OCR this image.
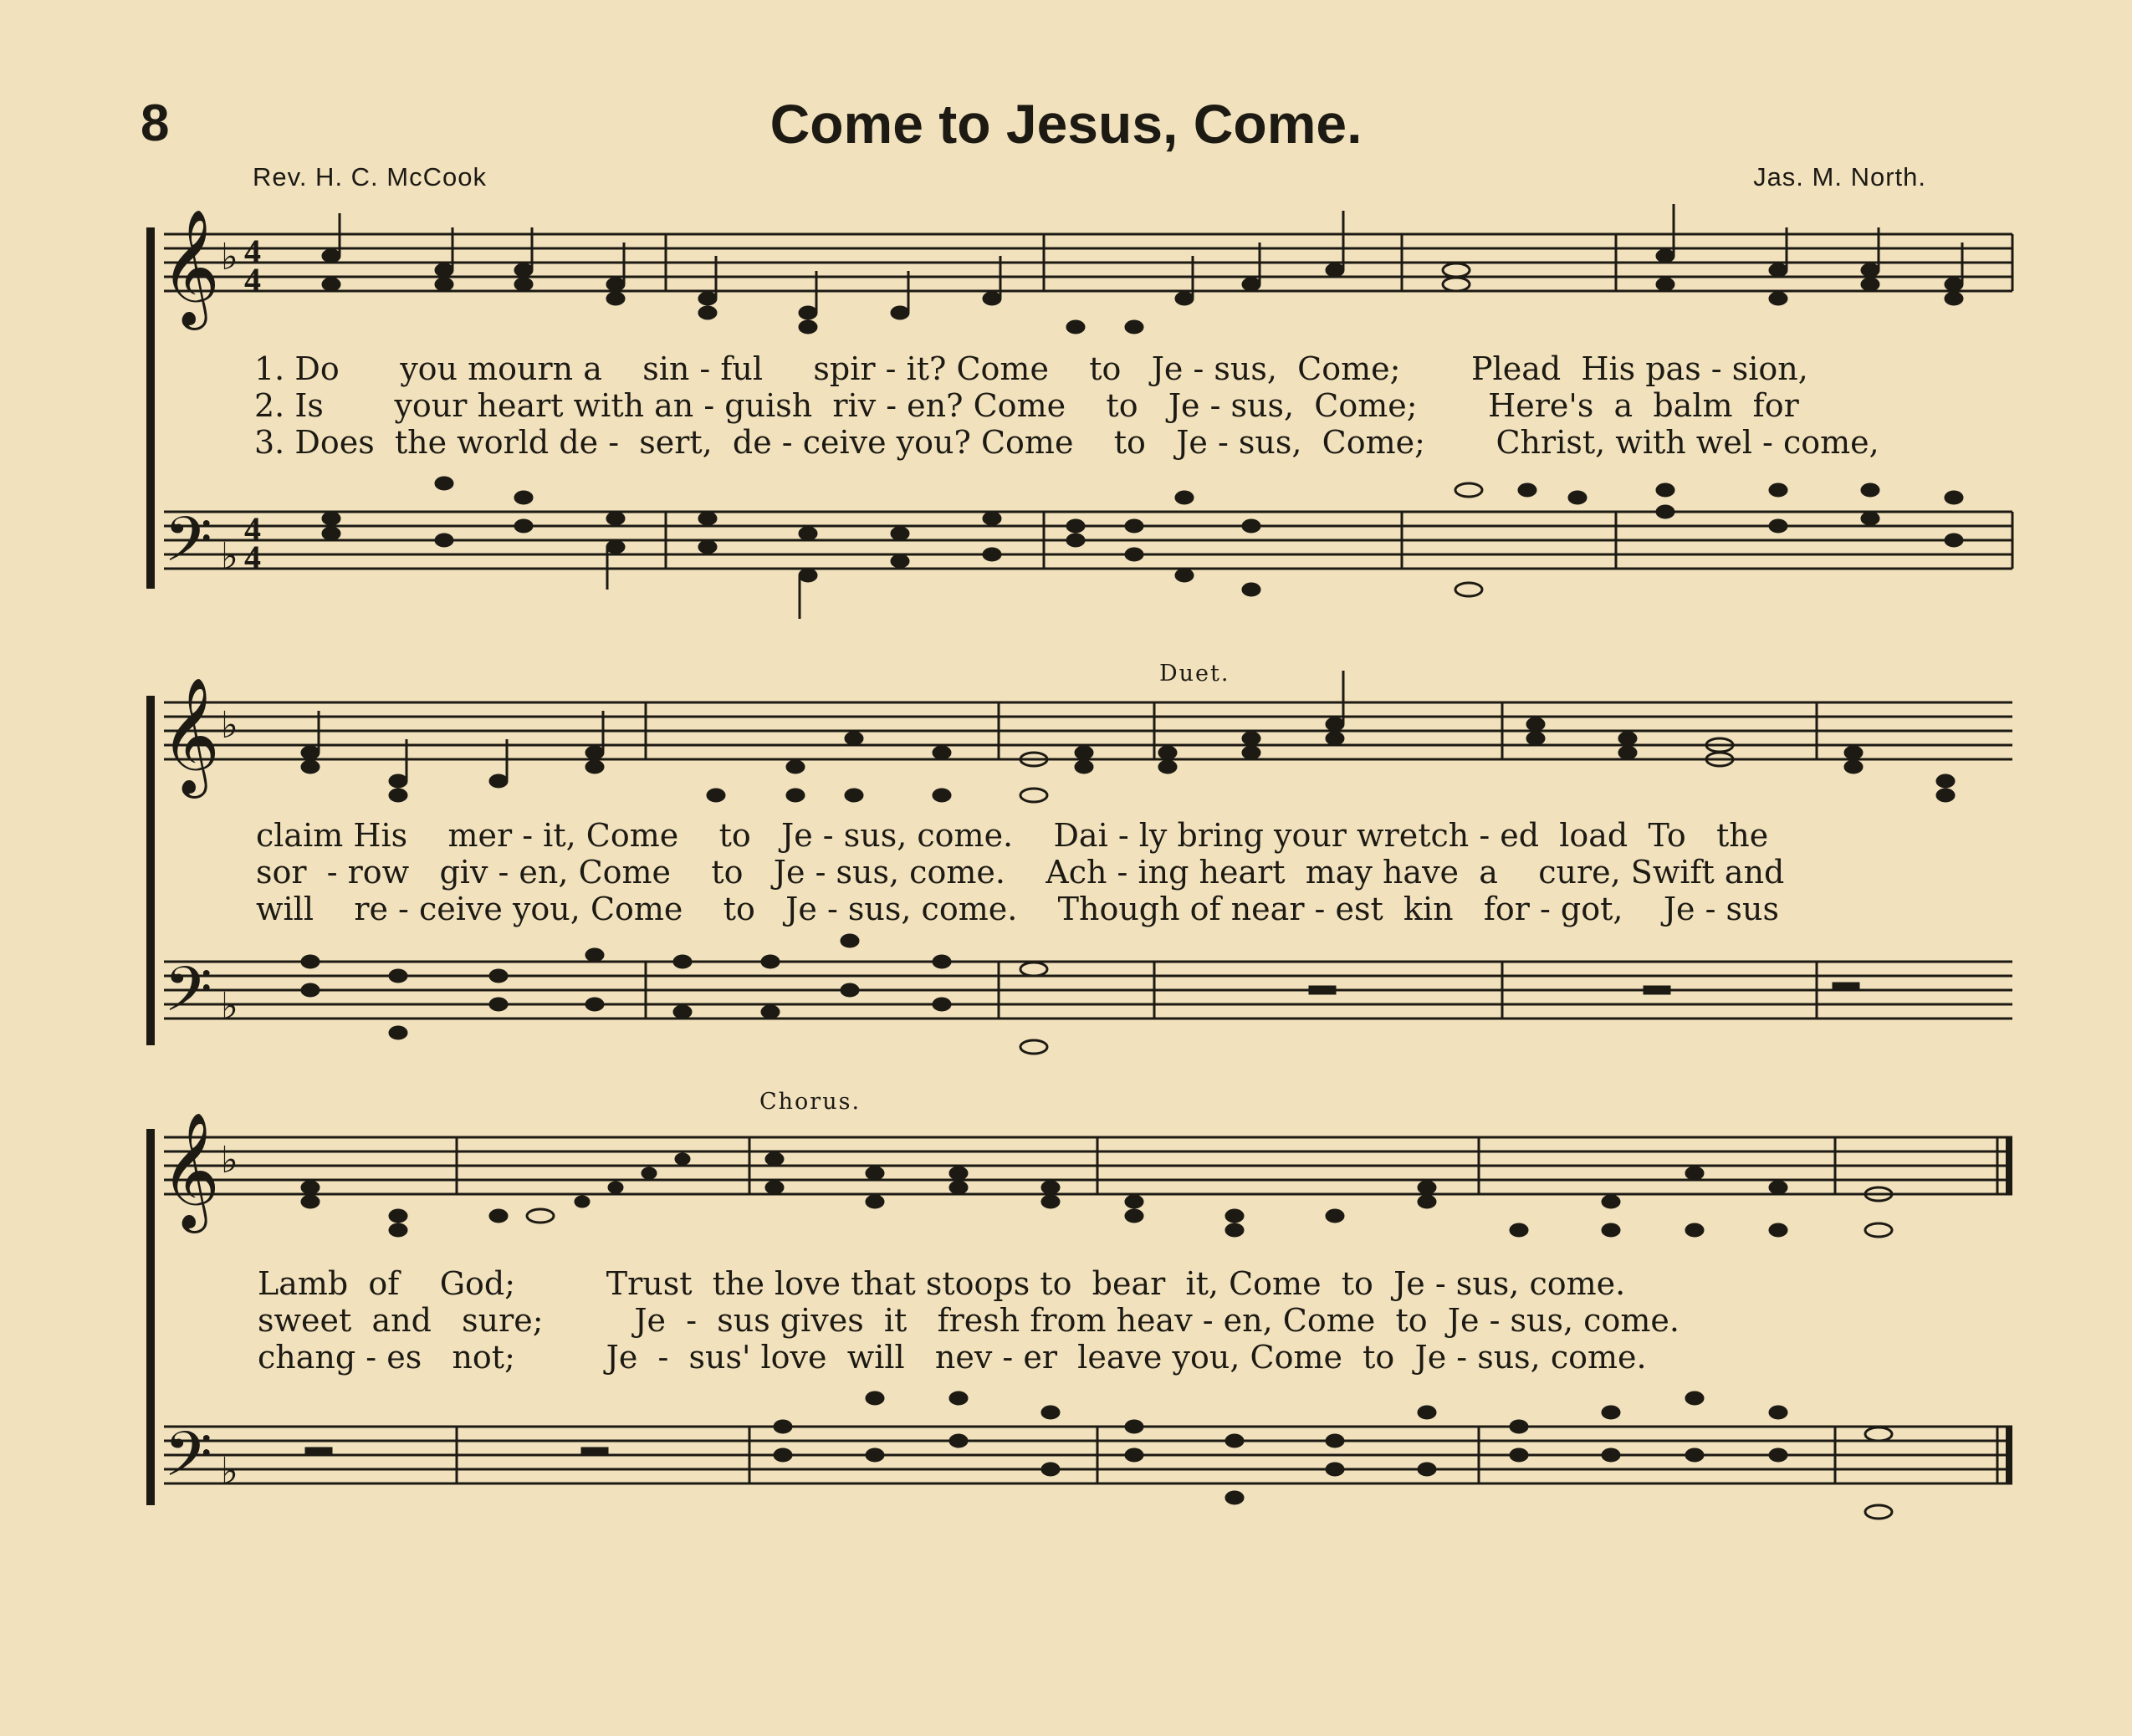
8	Come to Jesus, Come.
Rev. H. C. McCook	Jas. M. North.
𝄞
𝄢
♭
♭
4
4
4
4
1. Do you mourn a sin - ful spir - it? Come to Je - sus, Come; Plead His pas - sion,
2. Is your heart with an - guish riv - en? Come to Je - sus, Come; Here's a  balm  for
3. Does the world de - sert, de - ceive you? Come to Je - sus, Come; Christ, with wel - come,
Duet.
𝄞
𝄢
♭
♭
claim His mer - it, Come to Je - sus, come. Dai - ly bring your wretch - ed load To the
sor  - row giv - en, Come to Je - sus, come. Ach - ing heart  may have a cure, Swift and
will re - ceive you, Come to Je - sus, come. Though of near - est kin for - got, Je - sus
Chorus.
𝄞
𝄢
♭
♭
Lamb of God;	Trust the love that stoops to bear it, Come to Je - sus, come.
sweet and sure;	Je  - sus gives it   fresh from heav - en, Come to Je - sus, come.
chang - es not;	Je  - sus' love will   nev - er leave you, Come to Je - sus, come.
